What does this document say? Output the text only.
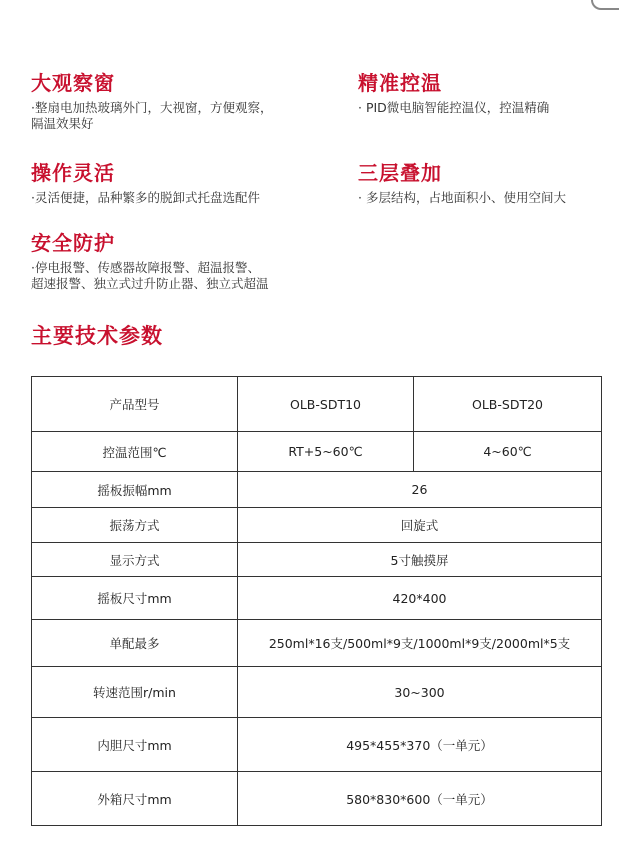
大观察窗
·整扇电加热玻璃外门，大视窗，方便观察，
隔温效果好
精准控温
· PID微电脑智能控温仪，控温精确
操作灵活
·灵活便捷，品种繁多的脱卸式托盘选配件
三层叠加
· 多层结构，占地面积小、使用空间大
安全防护
·停电报警、传感器故障报警、超温报警、
超速报警、独立式过升防止器、独立式超温
主要技术参数
产品型号	OLB-SDT10	OLB-SDT20
控温范围℃	RT+5~60℃	4~60℃
摇板振幅mm	26	
振荡方式	回旋式	
显示方式	5寸触摸屏	
摇板尺寸mm	420*400	
单配最多	250ml*16支/500ml*9支/1000ml*9支/2000ml*5支	
转速范围r/min	30~300	
内胆尺寸mm	495*455*370（一单元）	
外箱尺寸mm	580*830*600（一单元）	
